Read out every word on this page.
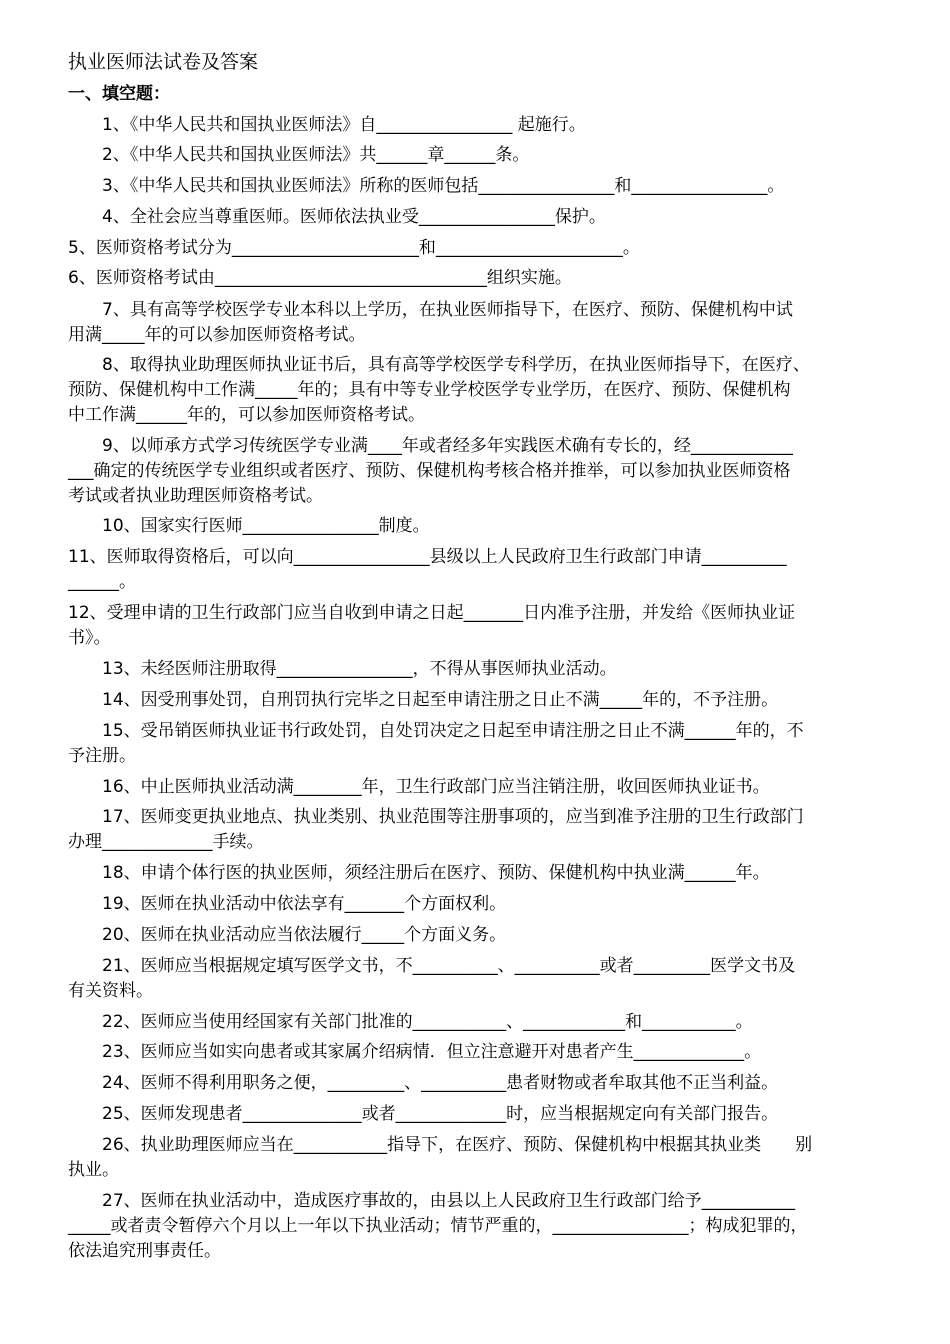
执业医师法试卷及答案
一、填空题：
　　1、《中华人民共和国执业医师法》自________________ 起施行。
　　2、《中华人民共和国执业医师法》共______章______条。
　　3、《中华人民共和国执业医师法》所称的医师包括________________和________________。
　　4、全社会应当尊重医师。医师依法执业受________________保护。
5、医师资格考试分为______________________和______________________。
6、医师资格考试由________________________________组织实施。
　　7、具有高等学校医学专业本科以上学历，在执业医师指导下，在医疗、预防、保健机构中试
用满_____年的可以参加医师资格考试。
　　8、取得执业助理医师执业证书后，具有高等学校医学专科学历，在执业医师指导下，在医疗、
预防、保健机构中工作满_____年的；具有中等专业学校医学专业学历，在医疗、预防、保健机构
中工作满______年的，可以参加医师资格考试。
　　9、以师承方式学习传统医学专业满____年或者经多年实践医术确有专长的，经____________
___确定的传统医学专业组织或者医疗、预防、保健机构考核合格并推举，可以参加执业医师资格
考试或者执业助理医师资格考试。
　　10、国家实行医师________________制度。
11、医师取得资格后，可以向________________县级以上人民政府卫生行政部门申请__________
______。
12、受理申请的卫生行政部门应当自收到申请之日起_______日内准予注册，并发给《医师执业证
书》。
　　13、未经医师注册取得________________，不得从事医师执业活动。
　　14、因受刑事处罚，自刑罚执行完毕之日起至申请注册之日止不满_____年的，不予注册。
　　15、受吊销医师执业证书行政处罚，自处罚决定之日起至申请注册之日止不满______年的，不
予注册。
　　16、中止医师执业活动满________年，卫生行政部门应当注销注册，收回医师执业证书。
　　17、医师变更执业地点、执业类别、执业范围等注册事项的，应当到准予注册的卫生行政部门
办理_____________手续。
　　18、申请个体行医的执业医师，须经注册后在医疗、预防、保健机构中执业满______年。
　　19、医师在执业活动中依法享有_______个方面权利。
　　20、医师在执业活动应当依法履行_____个方面义务。
　　21、医师应当根据规定填写医学文书，不__________、__________或者_________医学文书及
有关资料。
　　22、医师应当使用经国家有关部门批准的___________、____________和___________。
　　23、医师应当如实向患者或其家属介绍病情．但立注意避开对患者产生_____________。
　　24、医师不得利用职务之便，_________、__________患者财物或者牟取其他不正当利益。
　　25、医师发现患者______________或者_____________时，应当根据规定向有关部门报告。
　　26、执业助理医师应当在___________指导下，在医疗、预防、保健机构中根据其执业类　　别
执业。
　　27、医师在执业活动中，造成医疗事故的，由县以上人民政府卫生行政部门给予___________
_____或者责令暂停六个月以上一年以下执业活动；情节严重的，________________；构成犯罪的，
依法追究刑事责任。
